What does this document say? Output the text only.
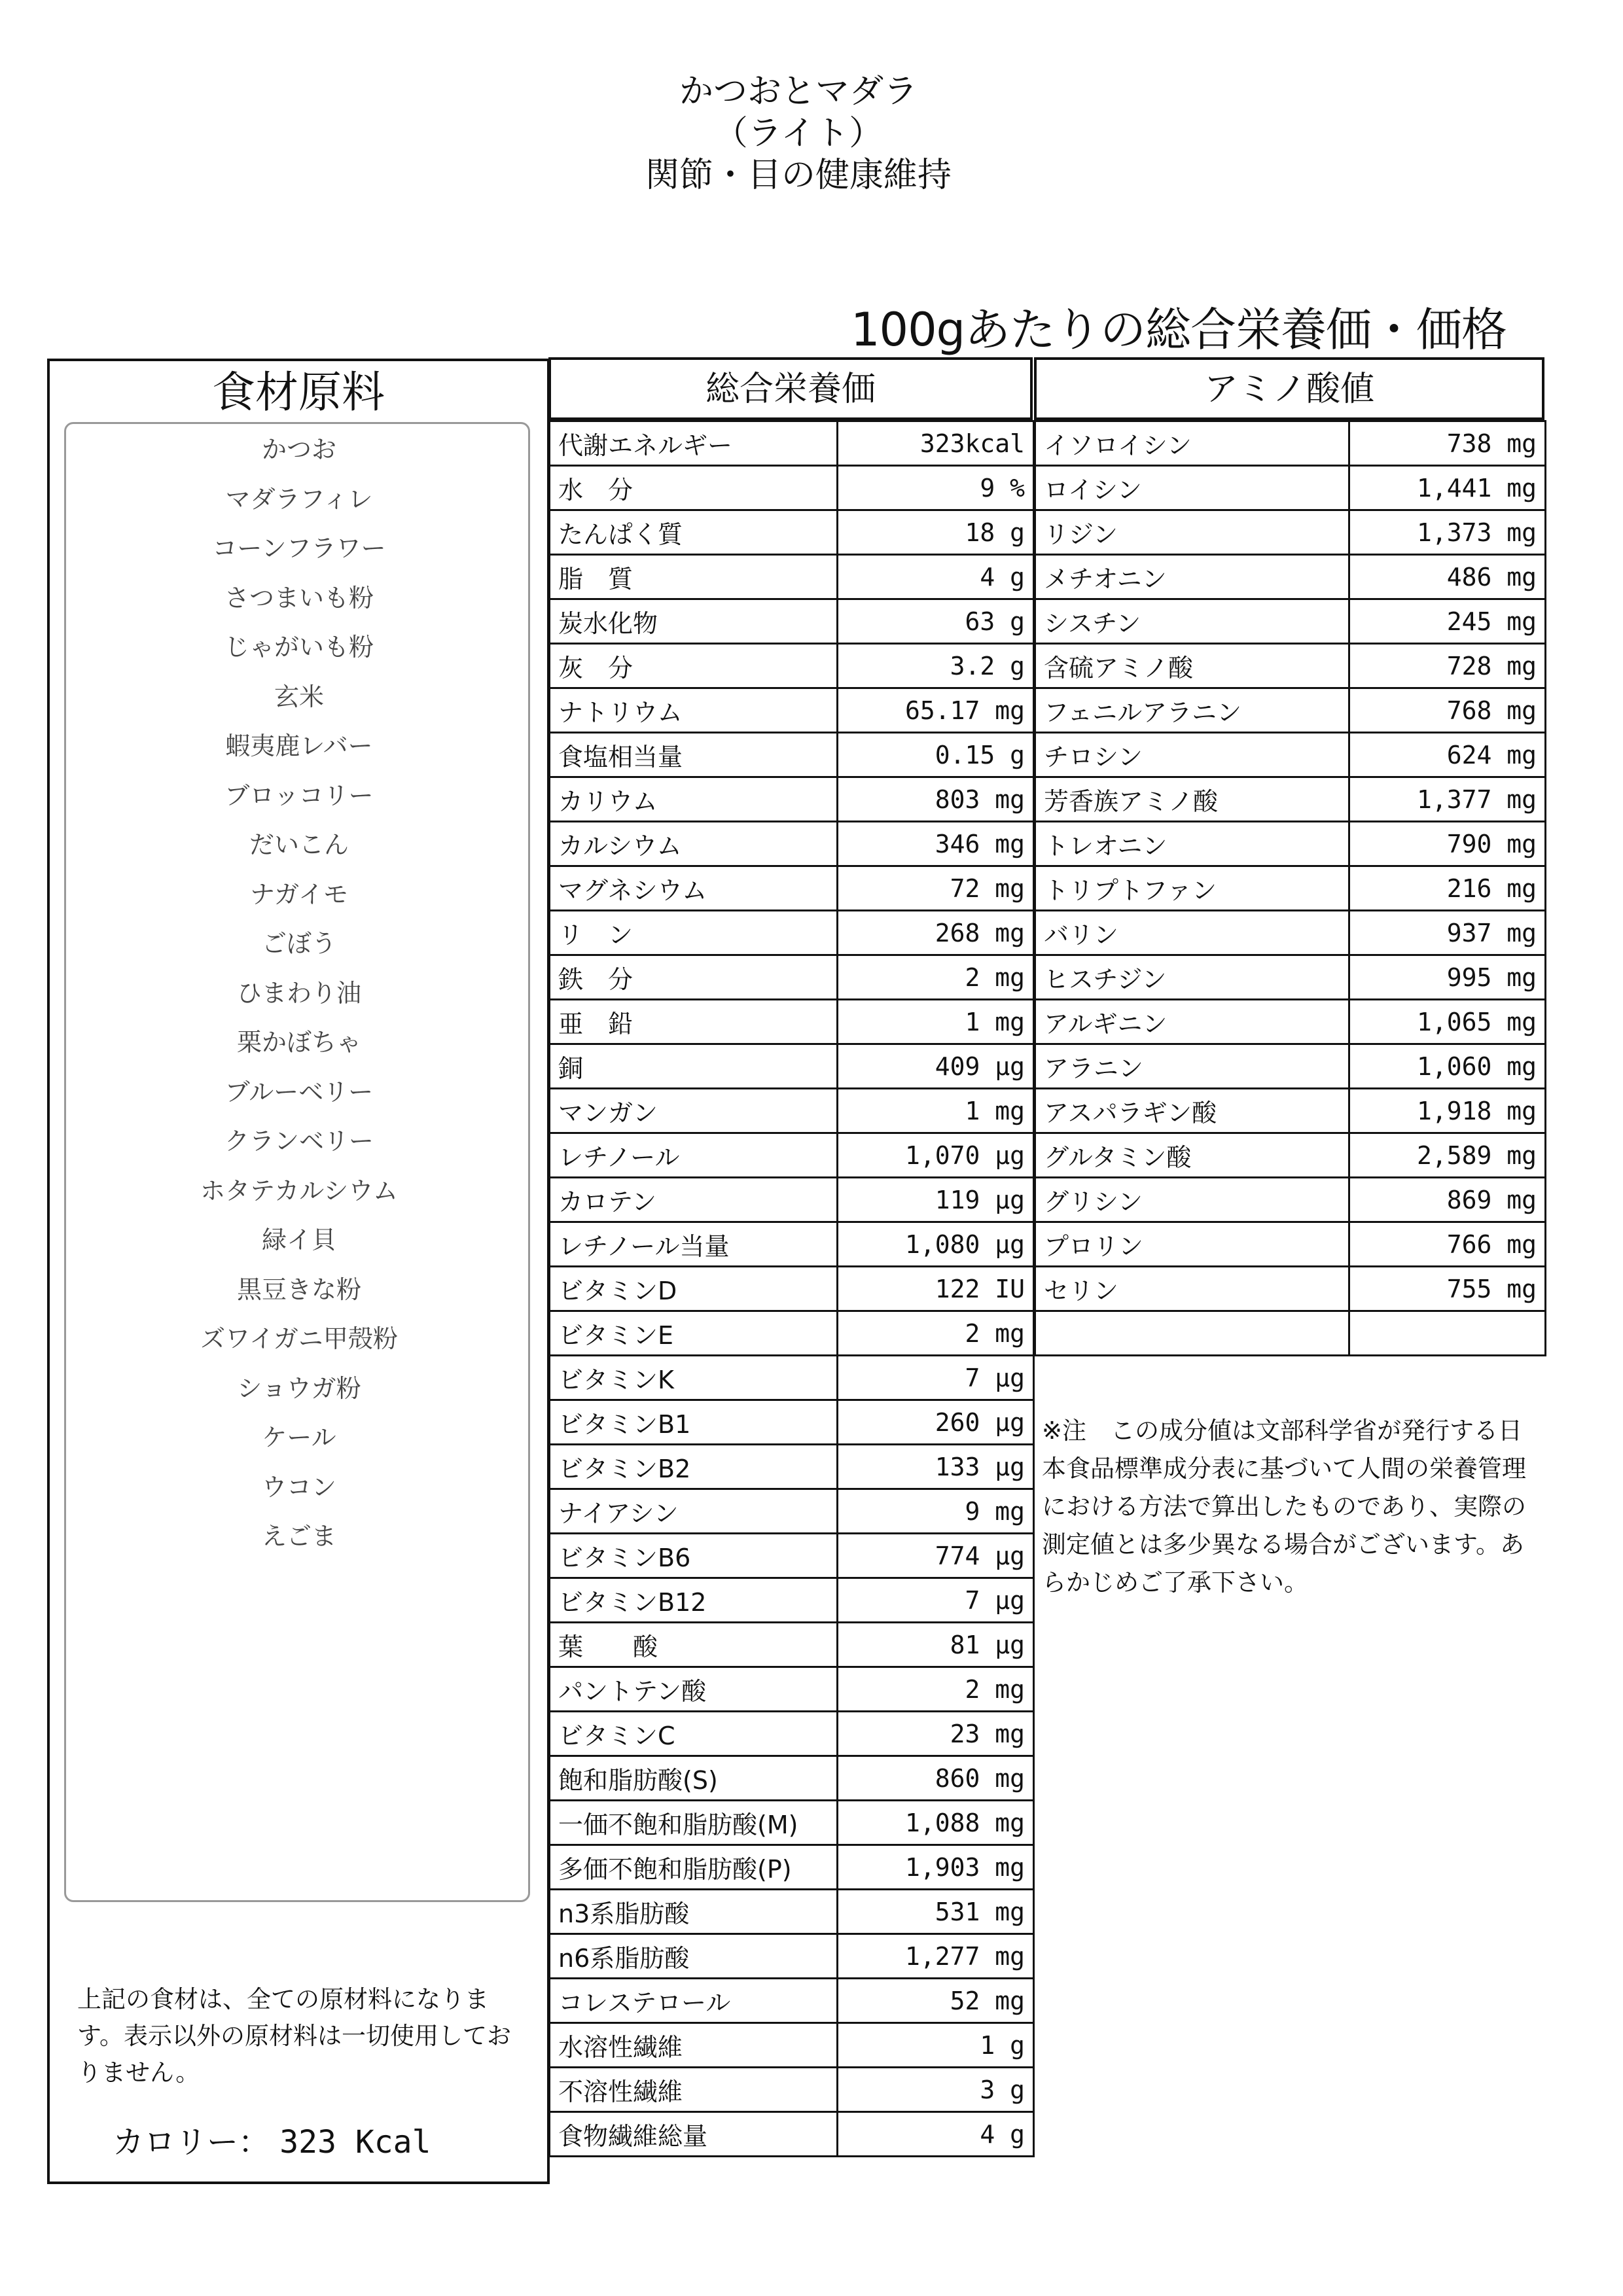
かつおとマダラ
（ライト）
関節・目の健康維持
100gあたりの総合栄養価・価格
食材原料
かつお
マダラフィレ
コーンフラワー
さつまいも粉
じゃがいも粉
玄米
蝦夷鹿レバー
ブロッコリー
だいこん
ナガイモ
ごぼう
ひまわり油
栗かぼちゃ
ブルーベリー
クランベリー
ホタテカルシウム
緑イ貝
黒豆きな粉
ズワイガニ甲殻粉
ショウガ粉
ケール
ウコン
えごま
上記の食材は、全ての原材料になります。表示以外の原材料は一切使用しておりません。
カロリー： 323 Kcal
総合栄養価
代謝エネルギー	323kcal
水　分	9 %
たんぱく質	18 g
脂　質	4 g
炭水化物	63 g
灰　分	3.2 g
ナトリウム	65.17 mg
食塩相当量	0.15 g
カリウム	803 mg
カルシウム	346 mg
マグネシウム	72 mg
リ　ン	268 mg
鉄　分	2 mg
亜　鉛	1 mg
銅	409 μg
マンガン	1 mg
レチノール	1,070 μg
カロテン	119 μg
レチノール当量	1,080 μg
ビタミンD	122 IU
ビタミンE	2 mg
ビタミンK	7 μg
ビタミンB1	260 μg
ビタミンB2	133 μg
ナイアシン	9 mg
ビタミンB6	774 μg
ビタミンB12	7 μg
葉　　酸	81 μg
パントテン酸	2 mg
ビタミンC	23 mg
飽和脂肪酸(S)	860 mg
一価不飽和脂肪酸(M)	1,088 mg
多価不飽和脂肪酸(P)	1,903 mg
n3系脂肪酸	531 mg
n6系脂肪酸	1,277 mg
コレステロール	52 mg
水溶性繊維	1 g
不溶性繊維	3 g
食物繊維総量	4 g
アミノ酸値
イソロイシン	738 mg
ロイシン	1,441 mg
リジン	1,373 mg
メチオニン	486 mg
シスチン	245 mg
含硫アミノ酸	728 mg
フェニルアラニン	768 mg
チロシン	624 mg
芳香族アミノ酸	1,377 mg
トレオニン	790 mg
トリプトファン	216 mg
バリン	937 mg
ヒスチジン	995 mg
アルギニン	1,065 mg
アラニン	1,060 mg
アスパラギン酸	1,918 mg
グルタミン酸	2,589 mg
グリシン	869 mg
プロリン	766 mg
セリン	755 mg

※注　この成分値は文部科学省が発行する日本食品標準成分表に基づいて人間の栄養管理における方法で算出したものであり、実際の測定値とは多少異なる場合がございます。あらかじめご了承下さい。
